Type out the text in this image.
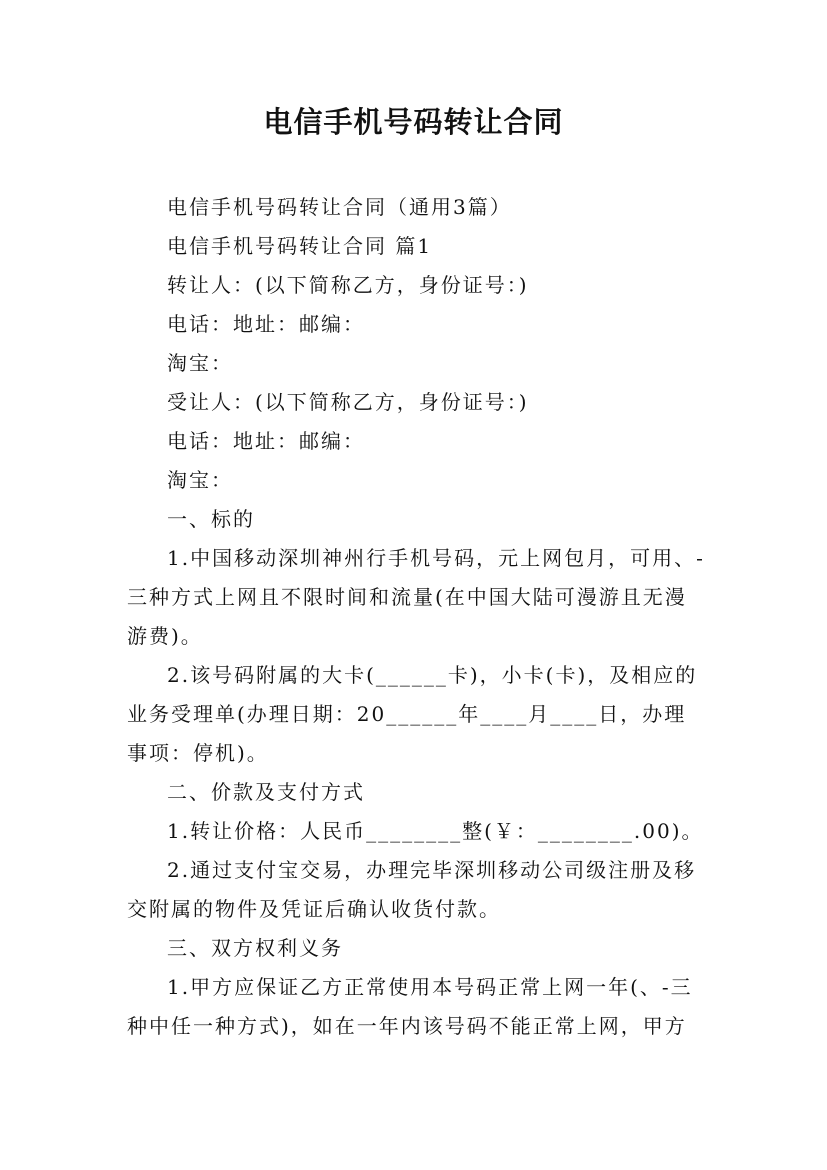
电信手机号码转让合同

电信手机号码转让合同（通用3篇）

电信手机号码转让合同 篇1

转让人：(以下简称乙方，身份证号：)

电话：地址：邮编：

淘宝：

受让人：(以下简称乙方，身份证号：)

电话：地址：邮编：

淘宝：

一、标的

1.中国移动深圳神州行手机号码，元上网包月，可用、-三种方式上网且不限时间和流量(在中国大陆可漫游且无漫游费)。

2.该号码附属的大卡(______卡)，小卡(卡)，及相应的业务受理单(办理日期：20______年____月____日，办理事项：停机)。

二、价款及支付方式

1.转让价格：人民币________整(￥：________.00)。

2.通过支付宝交易，办理完毕深圳移动公司级注册及移交附属的物件及凭证后确认收货付款。

三、双方权利义务

1.甲方应保证乙方正常使用本号码正常上网一年(、-三种中任一种方式)，如在一年内该号码不能正常上网，甲方
